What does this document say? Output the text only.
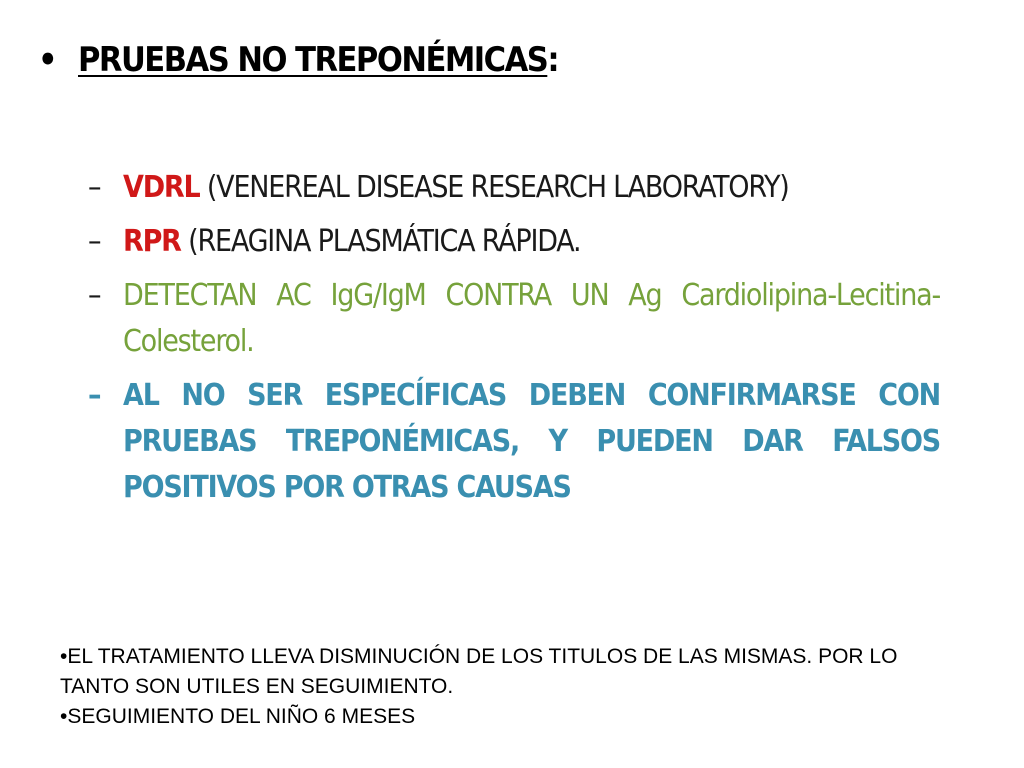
• PRUEBAS NO TREPONÉMICAS:
– VDRL (VENEREAL DISEASE RESEARCH LABORATORY)
– RPR (REAGINA PLASMÁTICA RÁPIDA.
– DETECTAN AC IgG/IgM CONTRA UN Ag Cardiolipina-Lecitina-Colesterol.
– AL NO SER ESPECÍFICAS DEBEN CONFIRMARSE CON PRUEBAS TREPONÉMICAS, Y PUEDEN DAR FALSOS POSITIVOS POR OTRAS CAUSAS

•EL TRATAMIENTO LLEVA DISMINUCIÓN DE LOS TITULOS DE LAS MISMAS. POR LO TANTO SON UTILES EN SEGUIMIENTO.

•SEGUIMIENTO DEL NIÑO 6 MESES
